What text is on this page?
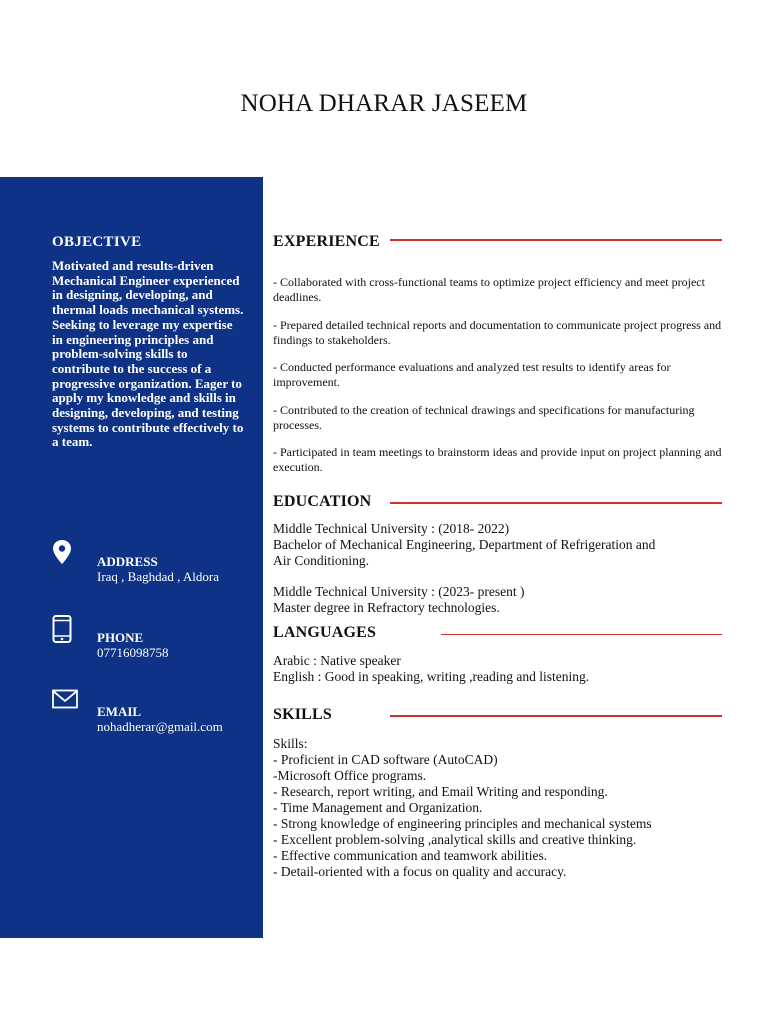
NOHA DHARAR JASEEM
OBJECTIVE
Motivated and results-driven Mechanical Engineer experienced in designing, developing, and thermal loads mechanical systems. Seeking to leverage my expertise in engineering principles and problem-solving skills to contribute to the success of a progressive organization. Eager to apply my knowledge and skills in designing, developing, and testing systems to contribute effectively to a team.
ADDRESS
Iraq , Baghdad , Aldora
PHONE
07716098758
EMAIL
nohadherar@gmail.com
EXPERIENCE
- Collaborated with cross-functional teams to optimize project efficiency and meet project deadlines.
- Prepared detailed technical reports and documentation to communicate project progress and findings to stakeholders.
- Conducted performance evaluations and analyzed test results to identify areas for improvement.
- Contributed to the creation of technical drawings and specifications for manufacturing processes.
- Participated in team meetings to brainstorm ideas and provide input on project planning and execution.
EDUCATION
Middle Technical University : (2018- 2022)
Bachelor of Mechanical Engineering, Department of Refrigeration and
Air Conditioning.
Middle Technical University : (2023- present )
Master degree in Refractory technologies.
LANGUAGES
Arabic : Native speaker
English : Good in speaking, writing ,reading and listening.
SKILLS
Skills:
- Proficient in CAD software (AutoCAD)
-Microsoft Office programs.
- Research, report writing, and Email Writing and responding.
- Time Management and Organization.
- Strong knowledge of engineering principles and mechanical systems
- Excellent problem-solving ,analytical skills and creative thinking.
- Effective communication and teamwork abilities.
- Detail-oriented with a focus on quality and accuracy.
